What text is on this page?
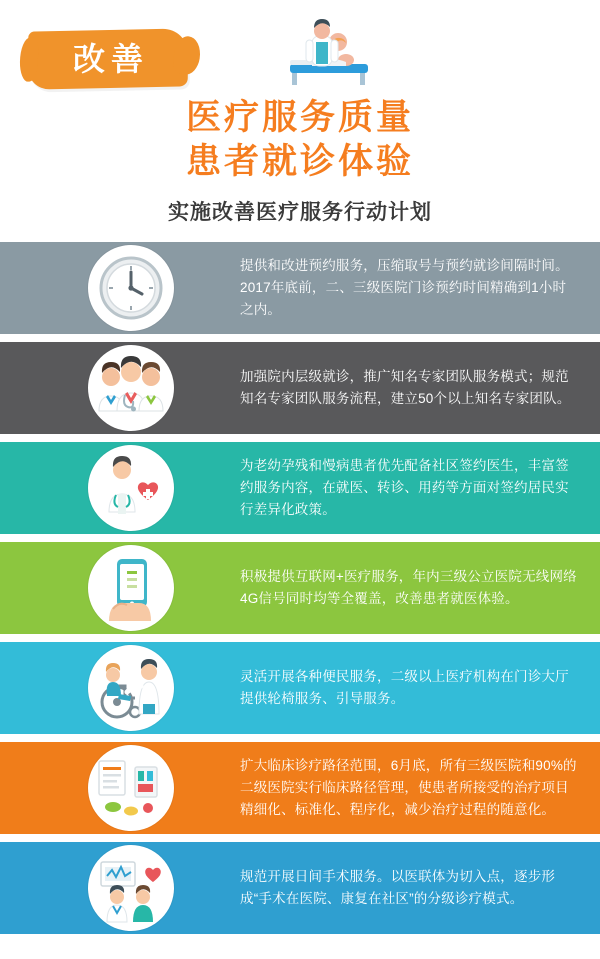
改善
医疗服务质量
患者就诊体验
实施改善医疗服务行动计划

提供和改进预约服务，压缩取号与预约就诊间隔时间。2017年底前，二、三级医院门诊预约时间精确到1小时之内。

加强院内层级就诊，推广知名专家团队服务模式；规范知名专家团队服务流程，建立50个以上知名专家团队。

为老幼孕残和慢病患者优先配备社区签约医生，丰富签约服务内容，在就医、转诊、用药等方面对签约居民实行差异化政策。

积极提供互联网+医疗服务，年内三级公立医院无线网络4G信号同时均等全覆盖，改善患者就医体验。

灵活开展各种便民服务，二级以上医疗机构在门诊大厅提供轮椅服务、引导服务。

扩大临床诊疗路径范围，6月底，所有三级医院和90%的二级医院实行临床路径管理，使患者所接受的治疗项目精细化、标准化、程序化，减少治疗过程的随意化。

规范开展日间手术服务。以医联体为切入点，逐步形成“手术在医院、康复在社区”的分级诊疗模式。
